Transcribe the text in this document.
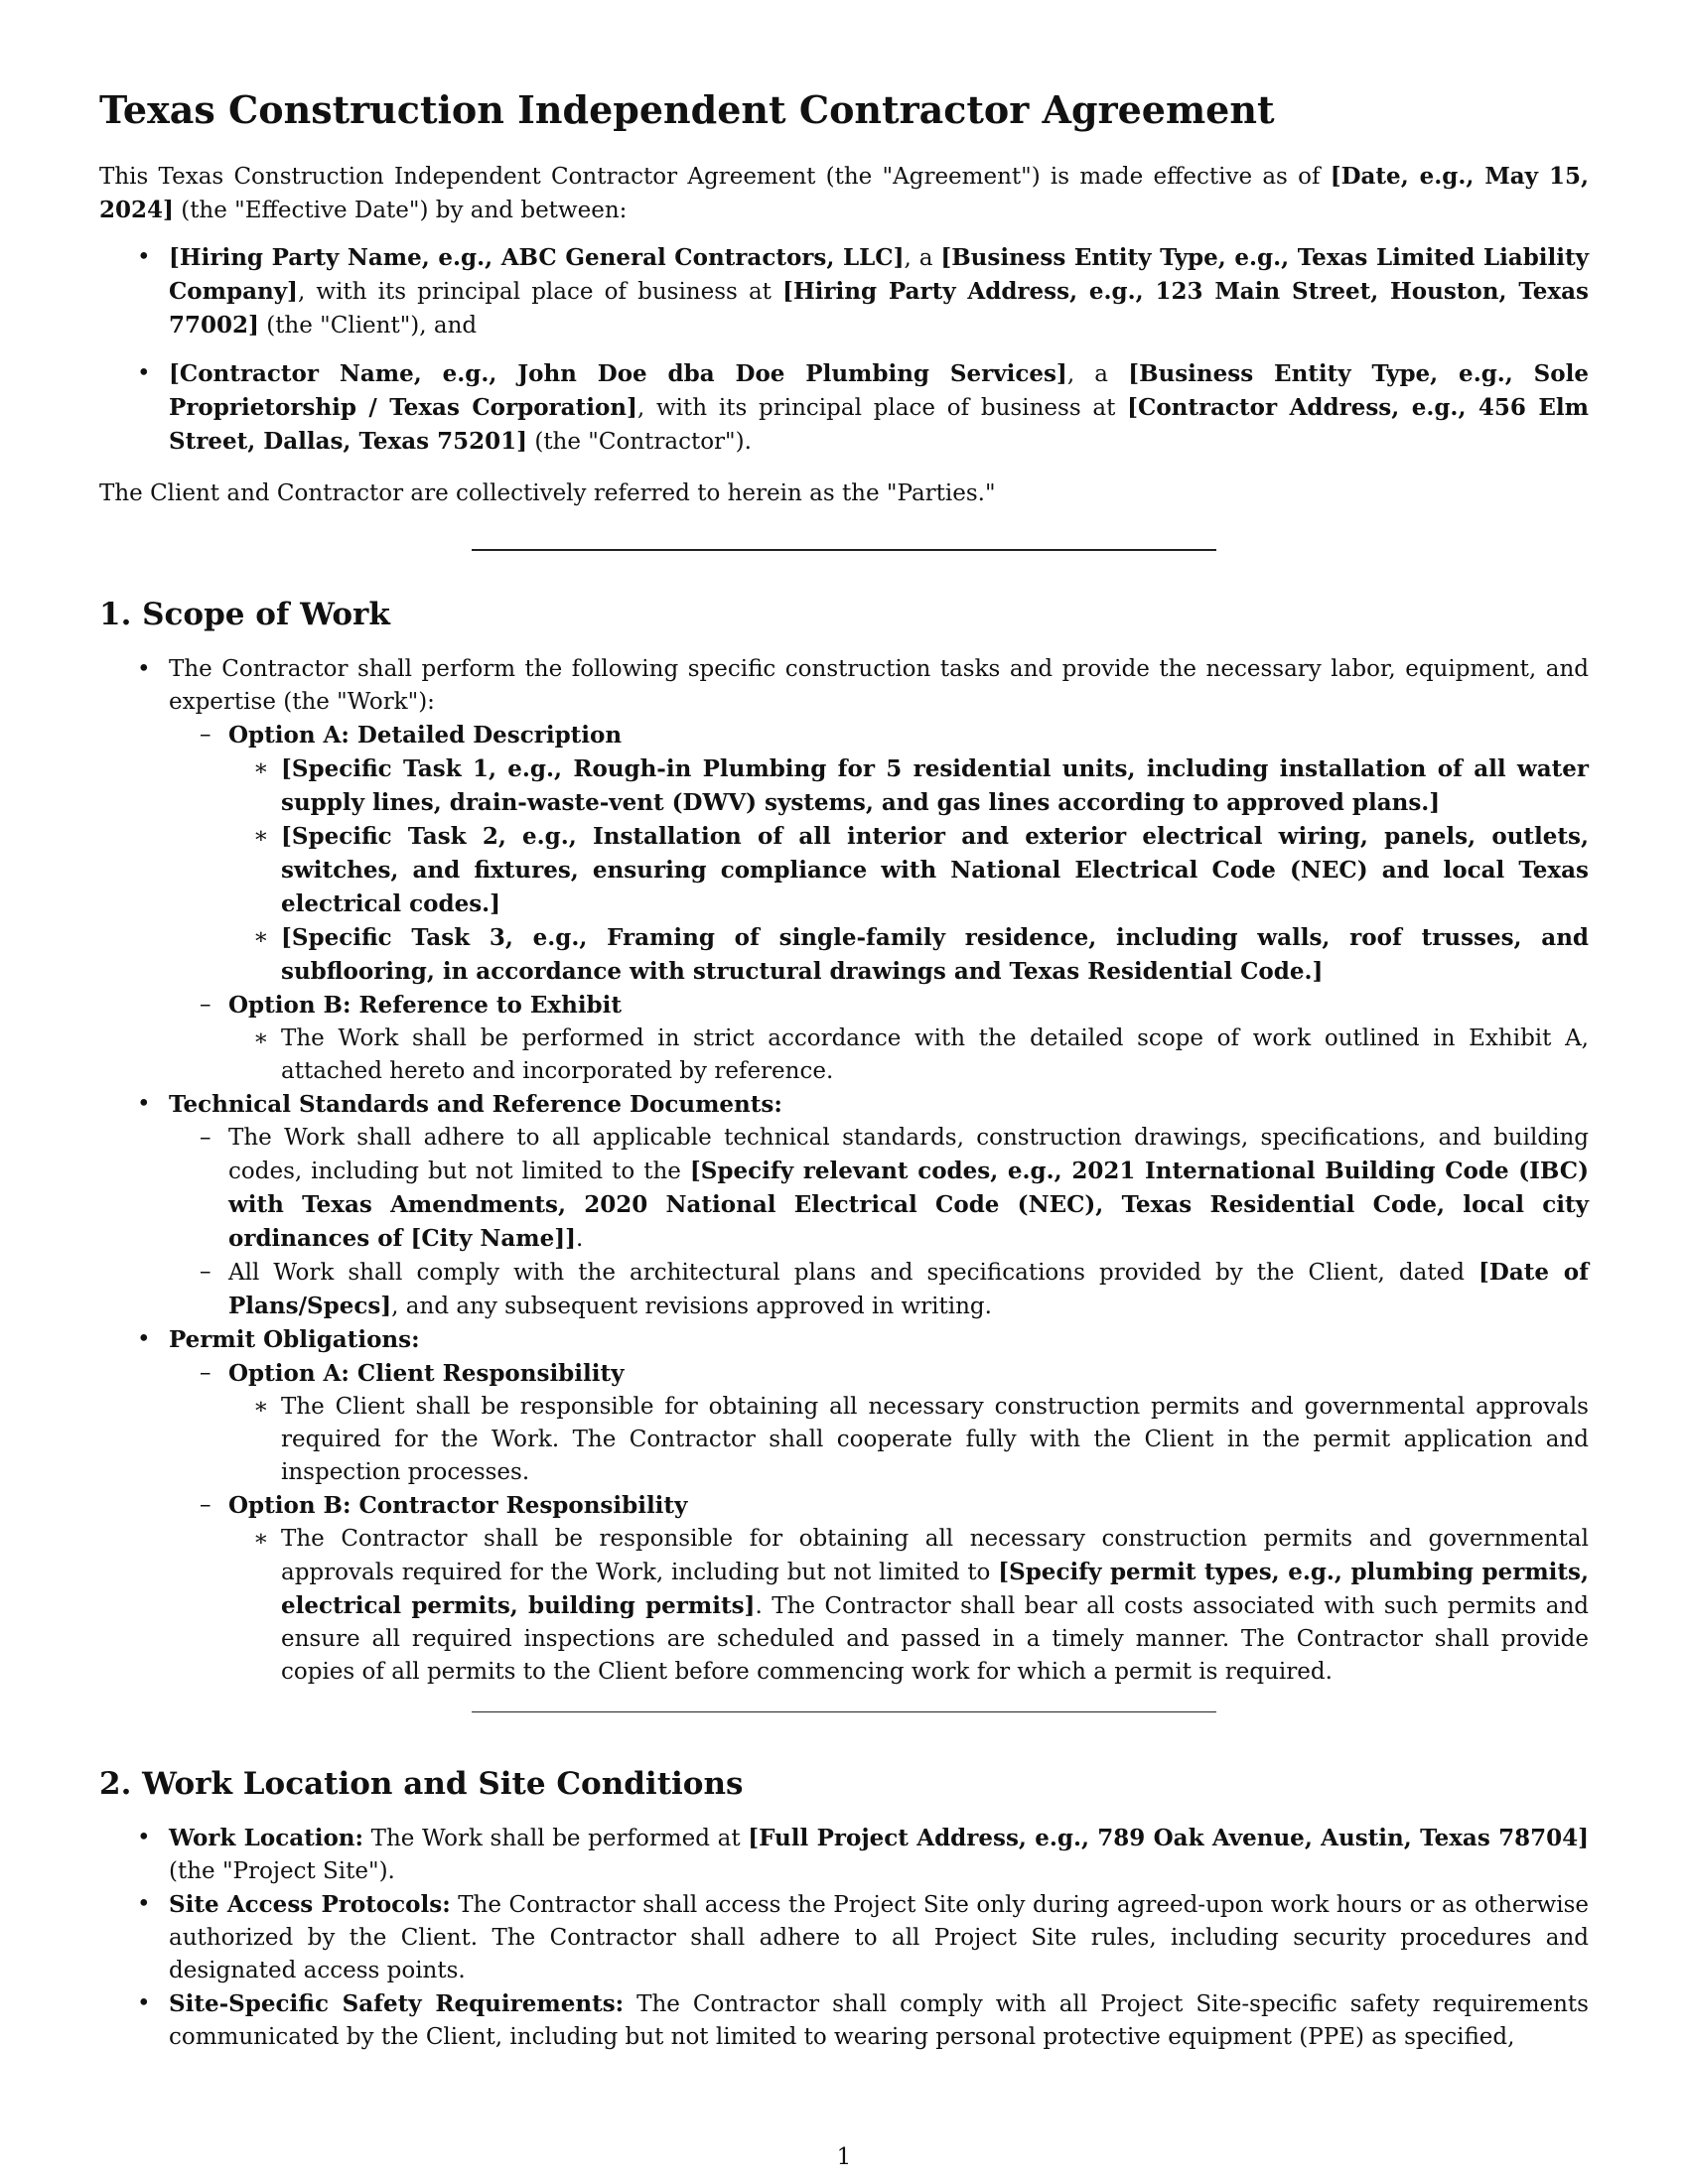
Texas Construction Independent Contractor Agreement

This Texas Construction Independent Contractor Agreement (the "Agreement") is made effective as of [Date, e.g., May 15, 2024] (the "Effective Date") by and between:

• [Hiring Party Name, e.g., ABC General Contractors, LLC], a [Business Entity Type, e.g., Texas Limited Liability Company], with its principal place of business at [Hiring Party Address, e.g., 123 Main Street, Houston, Texas 77002] (the "Client"), and
• [Contractor Name, e.g., John Doe dba Doe Plumbing Services], a [Business Entity Type, e.g., Sole Proprietorship / Texas Corporation], with its principal place of business at [Contractor Address, e.g., 456 Elm Street, Dallas, Texas 75201] (the "Contractor").

The Client and Contractor are collectively referred to herein as the "Parties."

1. Scope of Work
• The Contractor shall perform the following specific construction tasks and provide the necessary labor, equipment, and expertise (the "Work"):
– Option A: Detailed Description
∗ [Specific Task 1, e.g., Rough-in Plumbing for 5 residential units, including installation of all water supply lines, drain-waste-vent (DWV) systems, and gas lines according to approved plans.]
∗ [Specific Task 2, e.g., Installation of all interior and exterior electrical wiring, panels, outlets, switches, and fixtures, ensuring compliance with National Electrical Code (NEC) and local Texas electrical codes.]
∗ [Specific Task 3, e.g., Framing of single-family residence, including walls, roof trusses, and subflooring, in accordance with structural drawings and Texas Residential Code.]
– Option B: Reference to Exhibit
∗ The Work shall be performed in strict accordance with the detailed scope of work outlined in Exhibit A, attached hereto and incorporated by reference.
• Technical Standards and Reference Documents:
– The Work shall adhere to all applicable technical standards, construction drawings, specifications, and building codes, including but not limited to the [Specify relevant codes, e.g., 2021 International Building Code (IBC) with Texas Amendments, 2020 National Electrical Code (NEC), Texas Residential Code, local city ordinances of [City Name]].
– All Work shall comply with the architectural plans and specifications provided by the Client, dated [Date of Plans/Specs], and any subsequent revisions approved in writing.
• Permit Obligations:
– Option A: Client Responsibility
∗ The Client shall be responsible for obtaining all necessary construction permits and governmental approvals required for the Work. The Contractor shall cooperate fully with the Client in the permit application and inspection processes.
– Option B: Contractor Responsibility
∗ The Contractor shall be responsible for obtaining all necessary construction permits and governmental approvals required for the Work, including but not limited to [Specify permit types, e.g., plumbing permits, electrical permits, building permits]. The Contractor shall bear all costs associated with such permits and ensure all required inspections are scheduled and passed in a timely manner. The Contractor shall provide copies of all permits to the Client before commencing work for which a permit is required.
2. Work Location and Site Conditions
• Work Location: The Work shall be performed at [Full Project Address, e.g., 789 Oak Avenue, Austin, Texas 78704] (the "Project Site").
• Site Access Protocols: The Contractor shall access the Project Site only during agreed-upon work hours or as otherwise authorized by the Client. The Contractor shall adhere to all Project Site rules, including security procedures and designated access points.
• Site-Specific Safety Requirements: The Contractor shall comply with all Project Site-specific safety requirements communicated by the Client, including but not limited to wearing personal protective equipment (PPE) as specified,
1
